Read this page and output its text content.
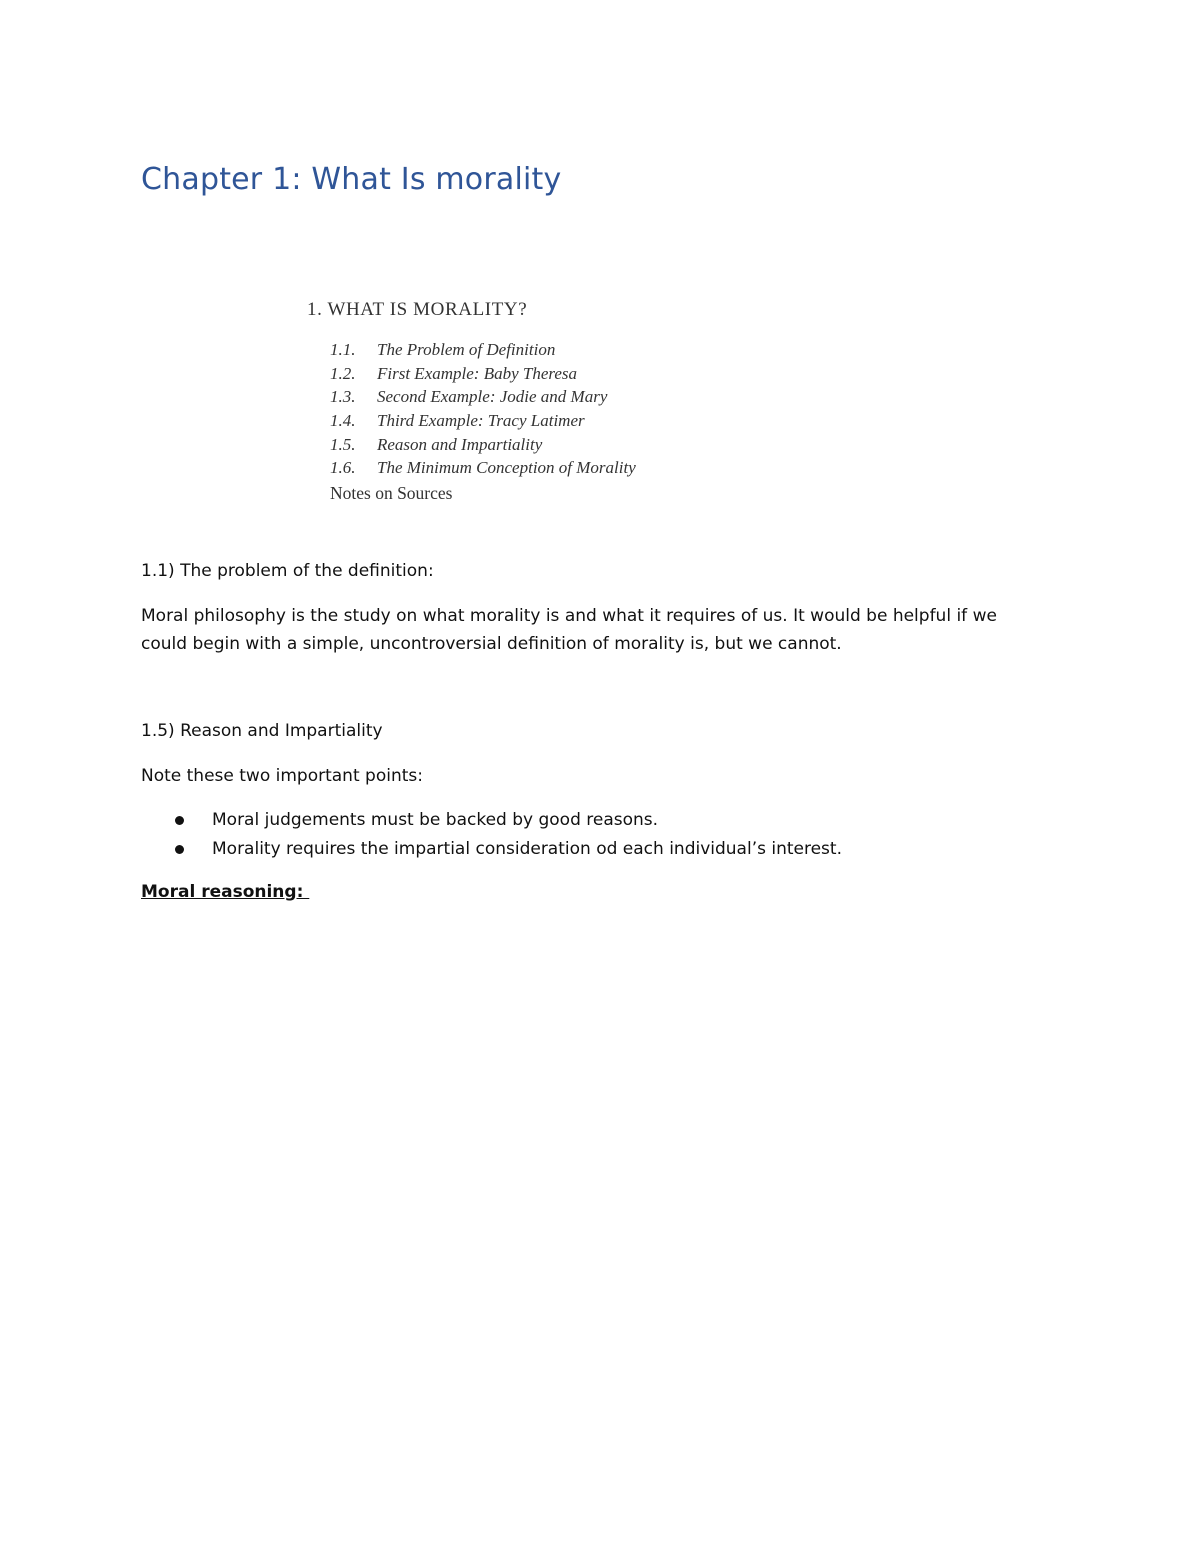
Chapter 1: What Is morality
1. WHAT IS MORALITY?
1.1. The Problem of Definition
1.2. First Example: Baby Theresa
1.3. Second Example: Jodie and Mary
1.4. Third Example: Tracy Latimer
1.5. Reason and Impartiality
1.6. The Minimum Conception of Morality
Notes on Sources

1.1) The problem of the definition:

Moral philosophy is the study on what morality is and what it requires of us. It would be helpful if we could begin with a simple, uncontroversial definition of morality is, but we cannot.

1.5) Reason and Impartiality

Note these two important points:

Moral judgements must be backed by good reasons.
Morality requires the impartial consideration od each individual’s interest.

Moral reasoning:
